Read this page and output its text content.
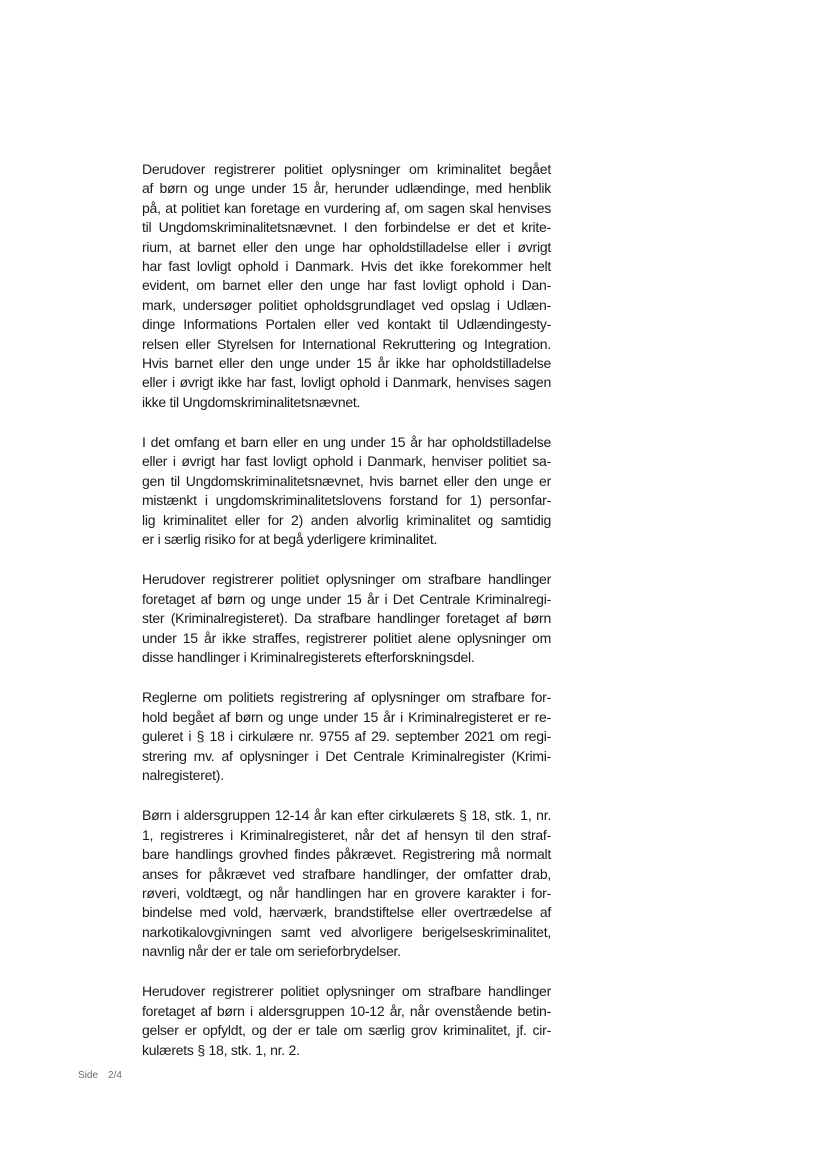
Derudover registrerer politiet oplysninger om kriminalitet begået
af børn og unge under 15 år, herunder udlændinge, med henblik
på, at politiet kan foretage en vurdering af, om sagen skal henvises
til Ungdomskriminalitetsnævnet. I den forbindelse er det et krite-
rium, at barnet eller den unge har opholdstilladelse eller i øvrigt
har fast lovligt ophold i Danmark. Hvis det ikke forekommer helt
evident, om barnet eller den unge har fast lovligt ophold i Dan-
mark, undersøger politiet opholdsgrundlaget ved opslag i Udlæn-
dinge Informations Portalen eller ved kontakt til Udlændingesty-
relsen eller Styrelsen for International Rekruttering og Integration.
Hvis barnet eller den unge under 15 år ikke har opholdstilladelse
eller i øvrigt ikke har fast, lovligt ophold i Danmark, henvises sagen
ikke til Ungdomskriminalitetsnævnet.
I det omfang et barn eller en ung under 15 år har opholdstilladelse
eller i øvrigt har fast lovligt ophold i Danmark, henviser politiet sa-
gen til Ungdomskriminalitetsnævnet, hvis barnet eller den unge er
mistænkt i ungdomskriminalitetslovens forstand for 1) personfar-
lig kriminalitet eller for 2) anden alvorlig kriminalitet og samtidig
er i særlig risiko for at begå yderligere kriminalitet.
Herudover registrerer politiet oplysninger om strafbare handlinger
foretaget af børn og unge under 15 år i Det Centrale Kriminalregi-
ster (Kriminalregisteret). Da strafbare handlinger foretaget af børn
under 15 år ikke straffes, registrerer politiet alene oplysninger om
disse handlinger i Kriminalregisterets efterforskningsdel.
Reglerne om politiets registrering af oplysninger om strafbare for-
hold begået af børn og unge under 15 år i Kriminalregisteret er re-
guleret i § 18 i cirkulære nr. 9755 af 29. september 2021 om regi-
strering mv. af oplysninger i Det Centrale Kriminalregister (Krimi-
nalregisteret).
Børn i aldersgruppen 12-14 år kan efter cirkulærets § 18, stk. 1, nr.
1, registreres i Kriminalregisteret, når det af hensyn til den straf-
bare handlings grovhed findes påkrævet. Registrering må normalt
anses for påkrævet ved strafbare handlinger, der omfatter drab,
røveri, voldtægt, og når handlingen har en grovere karakter i for-
bindelse med vold, hærværk, brandstiftelse eller overtrædelse af
narkotikalovgivningen samt ved alvorligere berigelseskriminalitet,
navnlig når der er tale om serieforbrydelser.
Herudover registrerer politiet oplysninger om strafbare handlinger
foretaget af børn i aldersgruppen 10-12 år, når ovenstående betin-
gelser er opfyldt, og der er tale om særlig grov kriminalitet, jf. cir-
kulærets § 18, stk. 1, nr. 2.
Side 2/4
